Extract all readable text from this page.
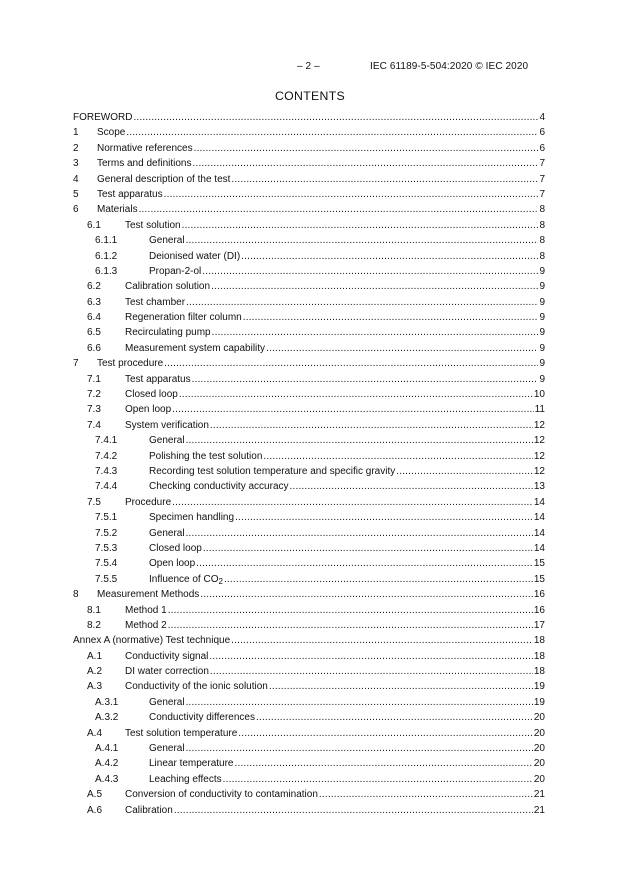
– 2 –	IEC 61189-5-504:2020 © IEC 2020
CONTENTS
FOREWORD .....	4
1 Scope .....	6
2 Normative references .....	6
3 Terms and definitions .....	7
4 General description of the test .....	7
5 Test apparatus .....	7
6 Materials .....	8
6.1 Test solution .....	8
6.1.1	General .....	8
6.1.2	Deionised water (DI) .....	8
6.1.3	Propan-2-ol .....	9
6.2 Calibration solution .....	9
6.3 Test chamber .....	9
6.4 Regeneration filter column .....	9
6.5 Recirculating pump .....	9
6.6 Measurement system capability .....	9
7 Test procedure .....	9
7.1 Test apparatus .....	9
7.2 Closed loop .....	10
7.3 Open loop .....	11
7.4 System verification .....	12
7.4.1	General .....	12
7.4.2	Polishing the test solution .....	12
7.4.3	Recording test solution temperature and specific gravity .....	12
7.4.4	Checking conductivity accuracy .....	13
7.5 Procedure .....	14
7.5.1	Specimen handling .....	14
7.5.2	General .....	14
7.5.3	Closed loop .....	14
7.5.4	Open loop .....	15
7.5.5	Influence of $CO_2$ .....	15
8 Measurement Methods .....	16
8.1 Method 1 .....	16
8.2 Method 2 .....	17
Annex A (normative) Test technique .....	18
A.1 Conductivity signal .....	18
A.2 DI water correction .....	18
A.3 Conductivity of the ionic solution .....	19
A.3.1	General .....	19
A.3.2	Conductivity differences .....	20
A.4 Test solution temperature .....	20
A.4.1	General .....	20
A.4.2	Linear temperature .....	20
A.4.3	Leaching effects .....	20
A.5 Conversion of conductivity to contamination .....	21
A.6 Calibration .....	21
